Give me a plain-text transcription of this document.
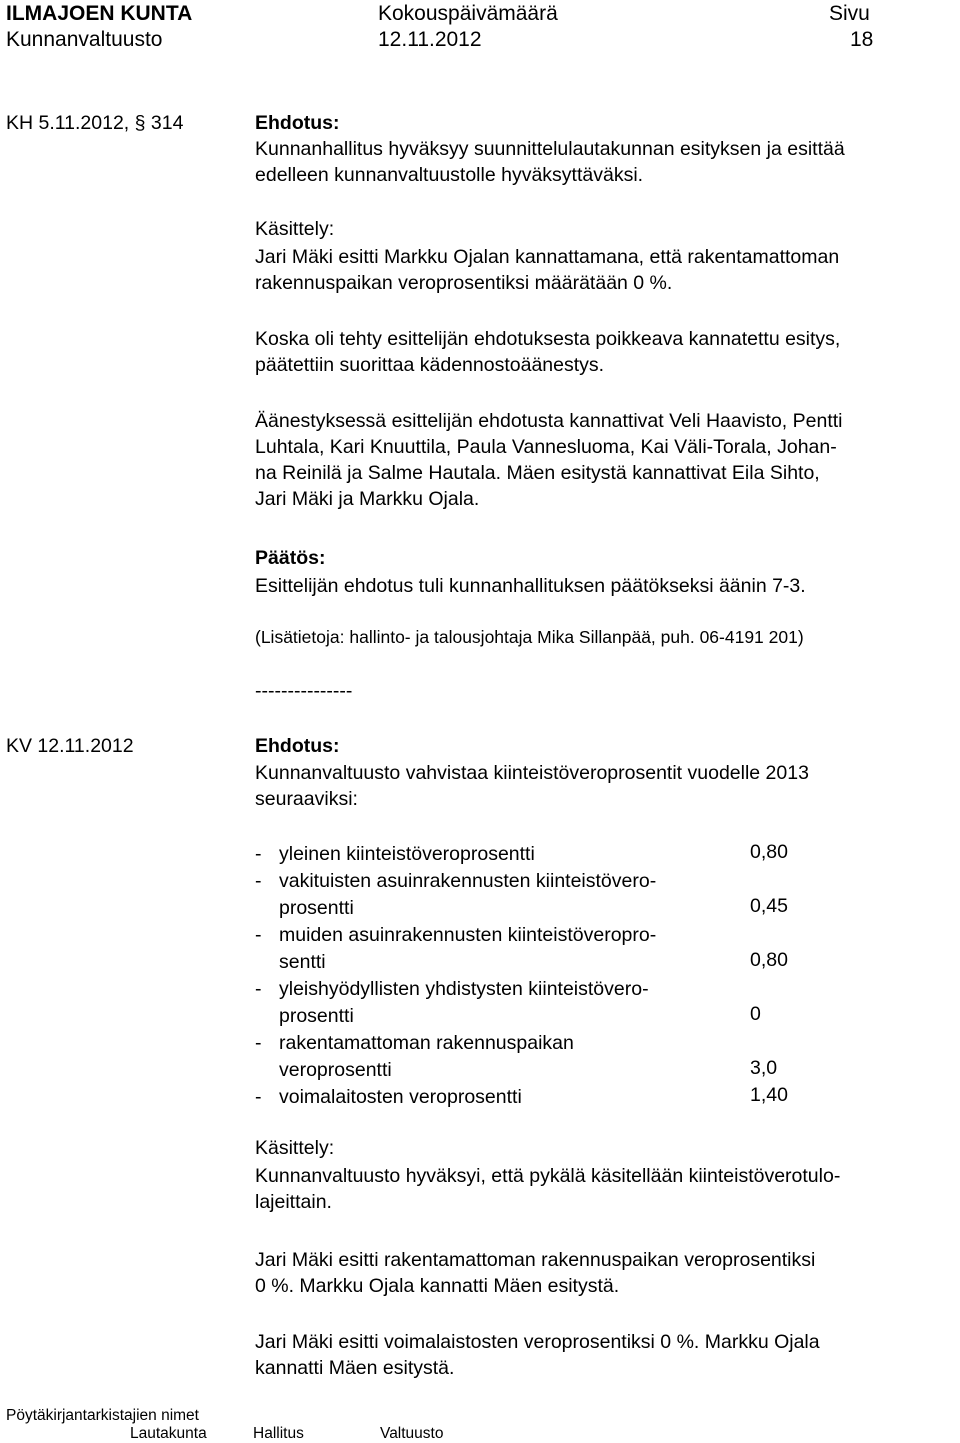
ILMAJOEN KUNTA
Kunnanvaltuusto
Kokouspäivämäärä
12.11.2012
Sivu
18
KH 5.11.2012, § 314	Ehdotus:
Kunnanhallitus hyväksyy suunnittelulautakunnan esityksen ja esittää
edelleen kunnanvaltuustolle hyväksyttäväksi.
Käsittely:
Jari Mäki esitti Markku Ojalan kannattamana, että rakentamattoman
rakennuspaikan veroprosentiksi määrätään 0 %.
Koska oli tehty esittelijän ehdotuksesta poikkeava kannatettu esitys,
päätettiin suorittaa kädennostoäänestys.
Äänestyksessä esittelijän ehdotusta kannattivat Veli Haavisto, Pentti
Luhtala, Kari Knuuttila, Paula Vannesluoma, Kai Väli-Torala, Johan-
na Reinilä ja Salme Hautala. Mäen esitystä kannattivat Eila Sihto,
Jari Mäki ja Markku Ojala.
Päätös:
Esittelijän ehdotus tuli kunnanhallituksen päätökseksi äänin 7-3.
(Lisätietoja: hallinto- ja talousjohtaja Mika Sillanpää, puh. 06-4191 201)
---------------
KV 12.11.2012	Ehdotus:
Kunnanvaltuusto vahvistaa kiinteistöveroprosentit vuodelle 2013
seuraaviksi:
- yleinen kiinteistöveroprosentti	0,80
- vakituisten asuinrakennusten kiinteistövero-
prosentti	0,45
- muiden asuinrakennusten kiinteistöveropro-
sentti	0,80
- yleishyödyllisten yhdistysten kiinteistövero-
prosentti	0
- rakentamattoman rakennuspaikan
veroprosentti	3,0
- voimalaitosten veroprosentti	1,40
Käsittely:
Kunnanvaltuusto hyväksyi, että pykälä käsitellään kiinteistöverotulo-
lajeittain.
Jari Mäki esitti rakentamattoman rakennuspaikan veroprosentiksi
0 %. Markku Ojala kannatti Mäen esitystä.
Jari Mäki esitti voimalaistosten veroprosentiksi 0 %. Markku Ojala
kannatti Mäen esitystä.
Pöytäkirjantarkistajien nimet
Lautakunta	Hallitus	Valtuusto
